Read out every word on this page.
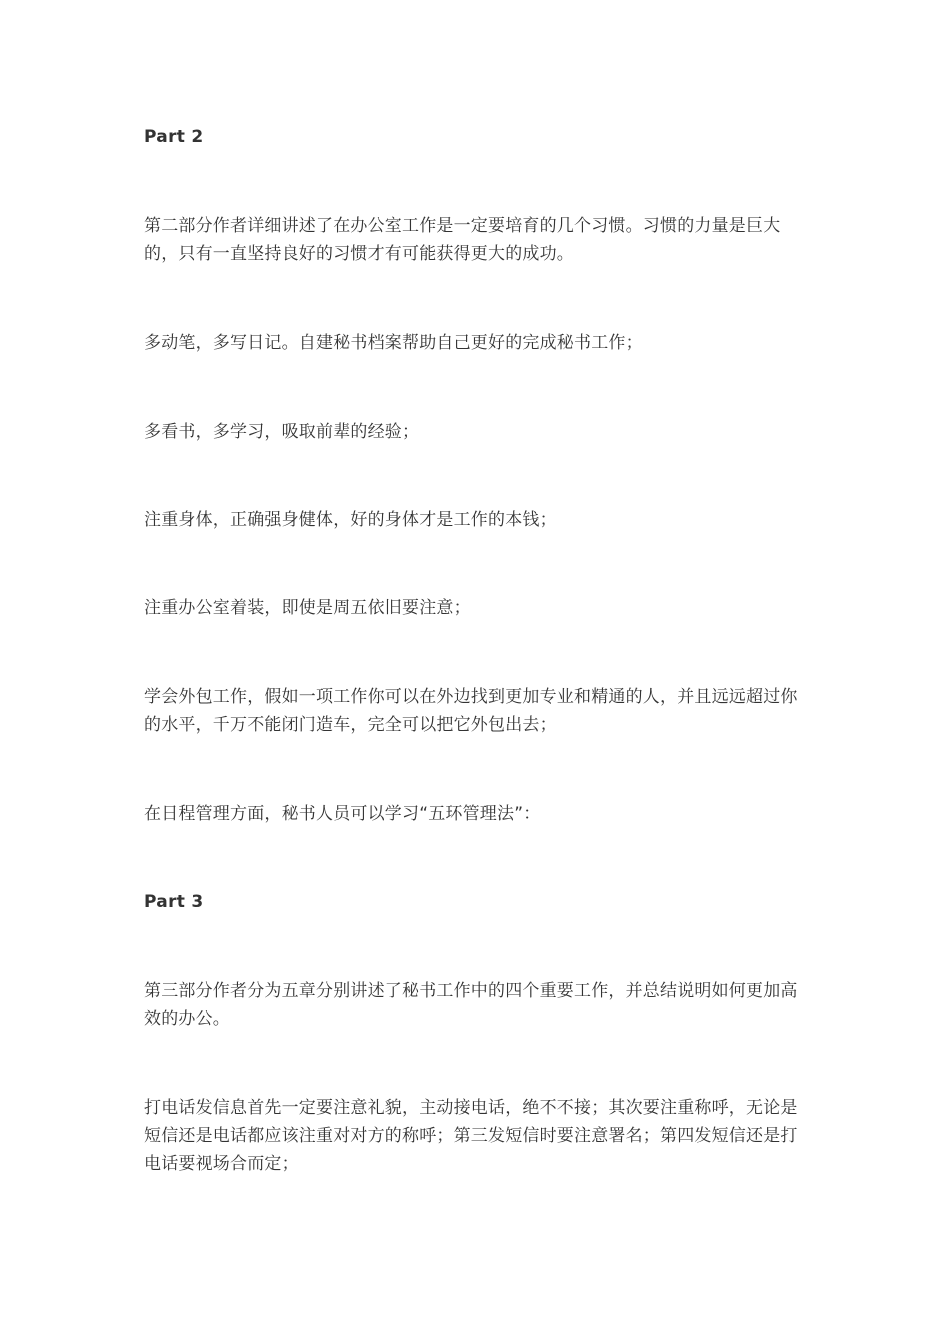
Part 2
第二部分作者详细讲述了在办公室工作是一定要培育的几个习惯。习惯的力量是巨大的，只有一直坚持良好的习惯才有可能获得更大的成功。
多动笔，多写日记。自建秘书档案帮助自己更好的完成秘书工作；
多看书，多学习，吸取前辈的经验；
注重身体，正确强身健体，好的身体才是工作的本钱；
注重办公室着装，即使是周五依旧要注意；
学会外包工作，假如一项工作你可以在外边找到更加专业和精通的人，并且远远超过你的水平，千万不能闭门造车，完全可以把它外包出去；
在日程管理方面，秘书人员可以学习“五环管理法”：
Part 3
第三部分作者分为五章分别讲述了秘书工作中的四个重要工作，并总结说明如何更加高效的办公。
打电话发信息首先一定要注意礼貌，主动接电话，绝不不接；其次要注重称呼，无论是短信还是电话都应该注重对对方的称呼；第三发短信时要注意署名；第四发短信还是打电话要视场合而定；
